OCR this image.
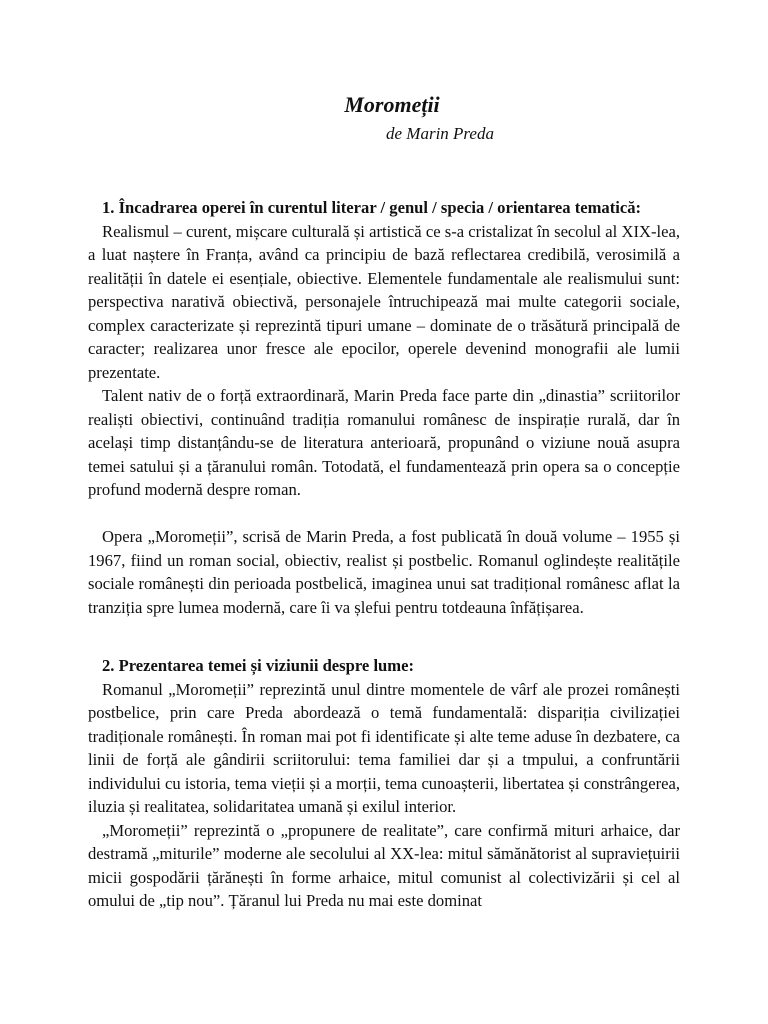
Moromeții
de Marin Preda
1. Încadrarea operei în curentul literar / genul / specia / orientarea tematică:

Realismul – curent, mișcare culturală și artistică ce s-a cristalizat în secolul al XIX-lea, a luat naștere în Franța, având ca principiu de bază reflectarea credibilă, verosimilă a realității în datele ei esențiale, obiective. Elementele fundamentale ale realismului sunt: perspectiva narativă obiectivă, personajele întruchipează mai multe categorii sociale, complex caracterizate și reprezintă tipuri umane – dominate de o trăsătură principală de caracter; realizarea unor fresce ale epocilor, operele devenind monografii ale lumii prezentate.

Talent nativ de o forță extraordinară, Marin Preda face parte din „dinastia” scriitorilor realiști obiectivi, continuând tradiția romanului românesc de inspirație rurală, dar în același timp distanțându-se de literatura anterioară, propunând o viziune nouă asupra temei satului și a țăranului român. Totodată, el fundamentează prin opera sa o concepție profund modernă despre roman.

Opera „Moromeții”, scrisă de Marin Preda, a fost publicată în două volume – 1955 și 1967, fiind un roman social, obiectiv, realist și postbelic. Romanul oglindește realitățile sociale românești din perioada postbelică, imaginea unui sat tradițional românesc aflat la tranziția spre lumea modernă, care îi va șlefui pentru totdeauna înfățișarea.

2. Prezentarea temei și viziunii despre lume:

Romanul „Moromeții” reprezintă unul dintre momentele de vârf ale prozei românești postbelice, prin care Preda abordează o temă fundamentală: dispariția civilizației tradiționale românești. În roman mai pot fi identificate și alte teme aduse în dezbatere, ca linii de forță ale gândirii scriitorului: tema familiei dar și a tmpului, a confruntării individului cu istoria, tema vieții și a morții, tema cunoașterii, libertatea și constrângerea, iluzia și realitatea, solidaritatea umană și exilul interior.

„Moromeții” reprezintă o „propunere de realitate”, care confirmă mituri arhaice, dar destramă „miturile” moderne ale secolului al XX-lea: mitul sămănătorist al supraviețuirii micii gospodării țărănești în forme arhaice, mitul comunist al colectivizării și cel al omului de „tip nou”. Țăranul lui Preda nu mai este dominat
